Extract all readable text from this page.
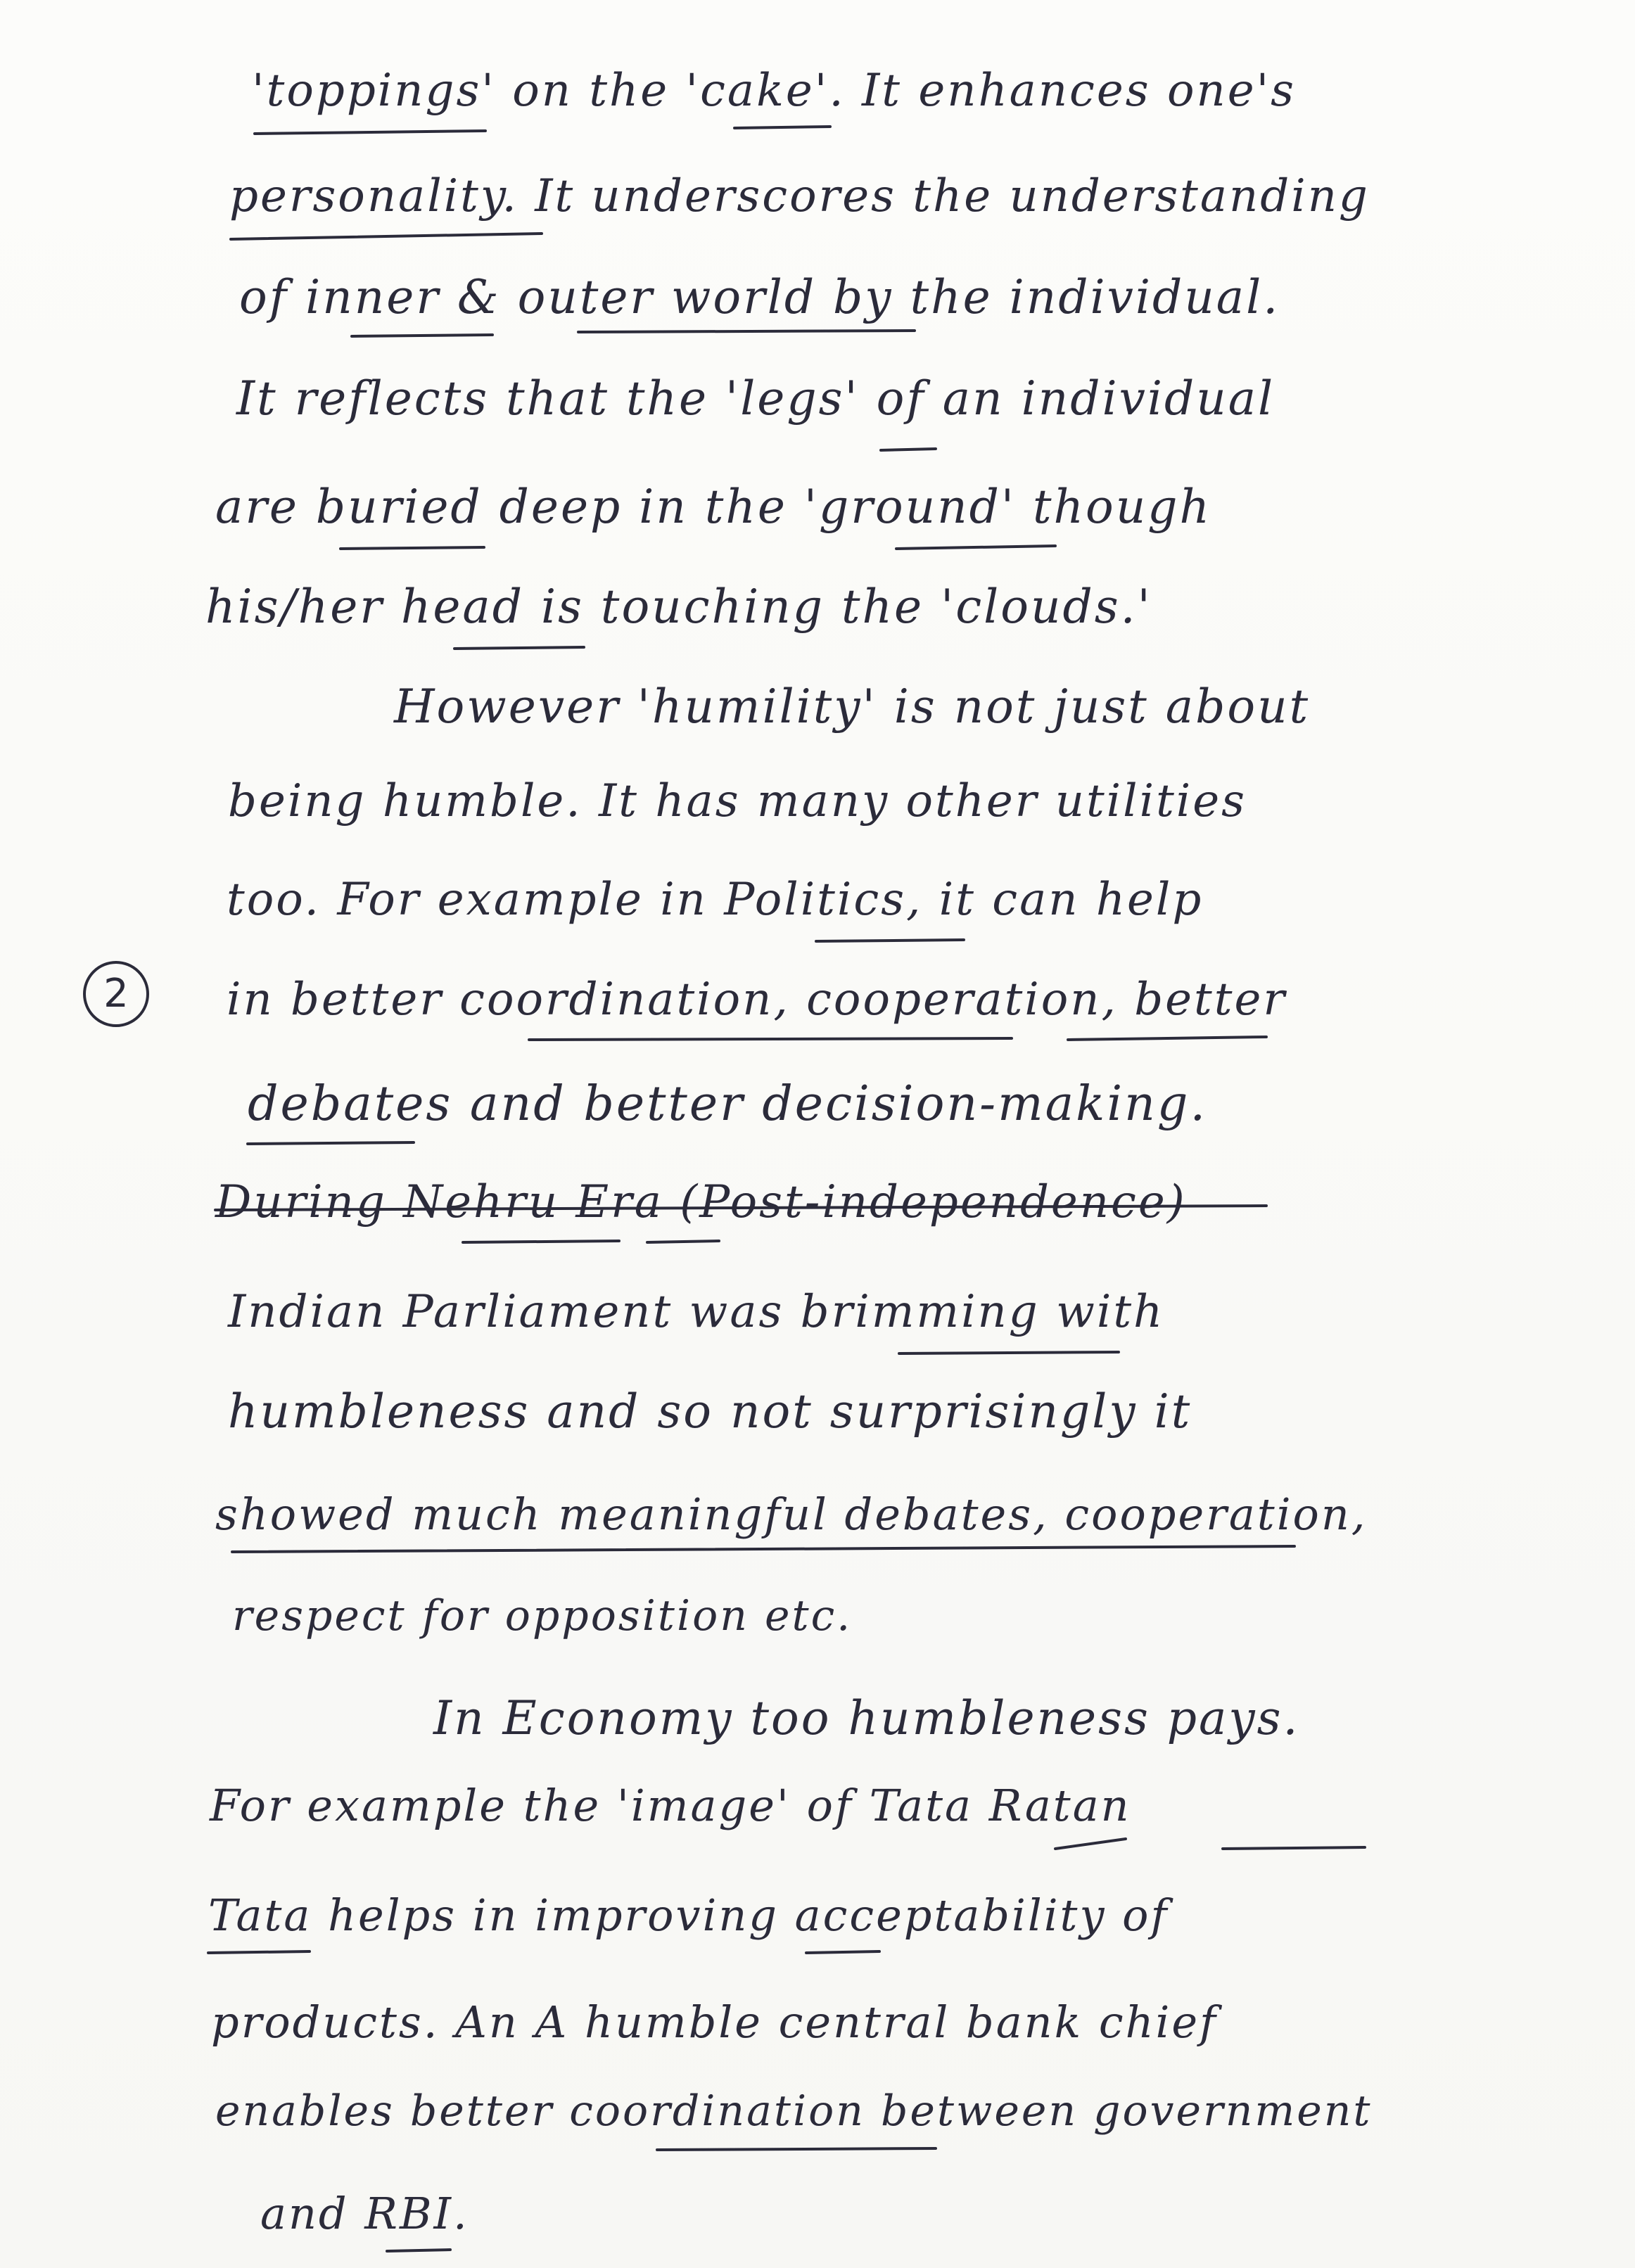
2
'toppings' on the 'cake'. It enhances one's
personality. It underscores the understanding
of inner & outer world by the individual.
It reflects that the 'legs' of an individual
are buried deep in the 'ground' though
his/her head is touching the 'clouds.'
However 'humility' is not just about
being humble. It has many other utilities
too. For example in Politics, it can help
in better coordination, cooperation, better
debates and better decision-making.
During Nehru Era (Post-independence)
Indian Parliament was brimming with
humbleness and so not surprisingly it
showed much meaningful debates, cooperation,
respect for opposition etc.
In Economy too humbleness pays.
For example the 'image' of Tata Ratan
Tata helps in improving acceptability of
products. An A humble central bank chief
enables better coordination between government
and RBI.
